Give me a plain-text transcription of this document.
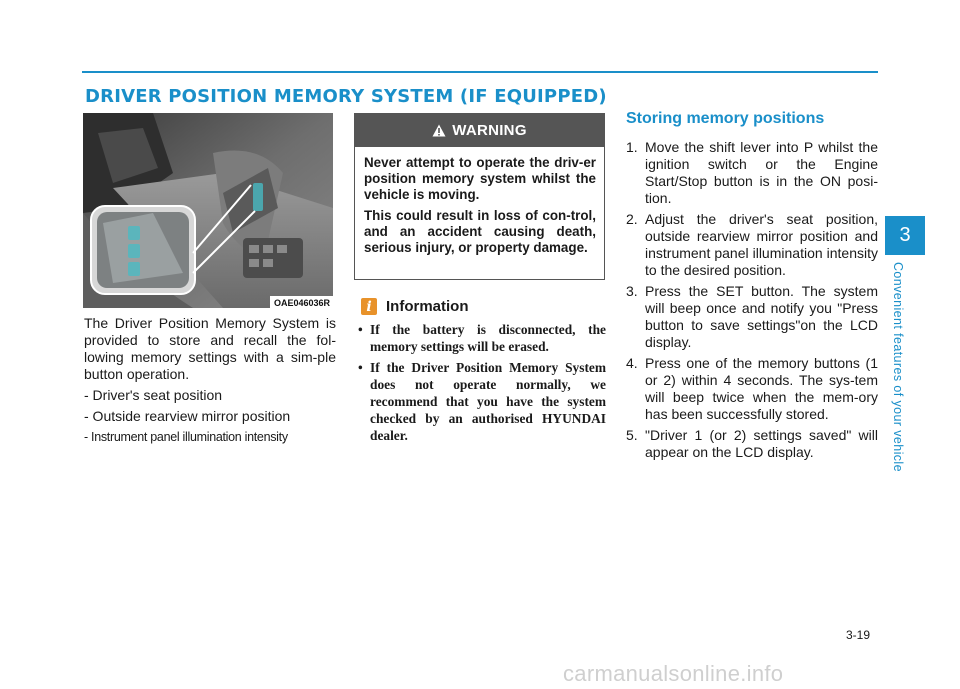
DRIVER POSITION MEMORY SYSTEM (IF EQUIPPED)
OAE046036R

The Driver Position Memory System is provided to store and recall the fol-lowing memory settings with a sim-ple button operation.

- Driver's seat position
- Outside rearview mirror position
- Instrument panel illumination intensity
WARNING

Never attempt to operate the driv-er position memory system whilst the vehicle is moving.

This could result in loss of con-trol, and an accident causing death, serious injury, or property damage.

i Information
• If the battery is disconnected, the memory settings will be erased.
• If the Driver Position Memory System does not operate normally, we recommend that you have the system checked by an authorised HYUNDAI dealer.
Storing memory positions
1. Move the shift lever into P whilst the ignition switch or the Engine Start/Stop button is in the ON posi-tion.
2. Adjust the driver's seat position, outside rearview mirror position and instrument panel illumination intensity to the desired position.
3. Press the SET button. The system will beep once and notify you "Press button to save settings"on the LCD display.
4. Press one of the memory buttons (1 or 2) within 4 seconds. The sys-tem will beep twice when the mem-ory has been successfully stored.
5. "Driver 1 (or 2) settings saved" will appear on the LCD display.
3
Convenient features of your vehicle
3-19
carmanualsonline.info
